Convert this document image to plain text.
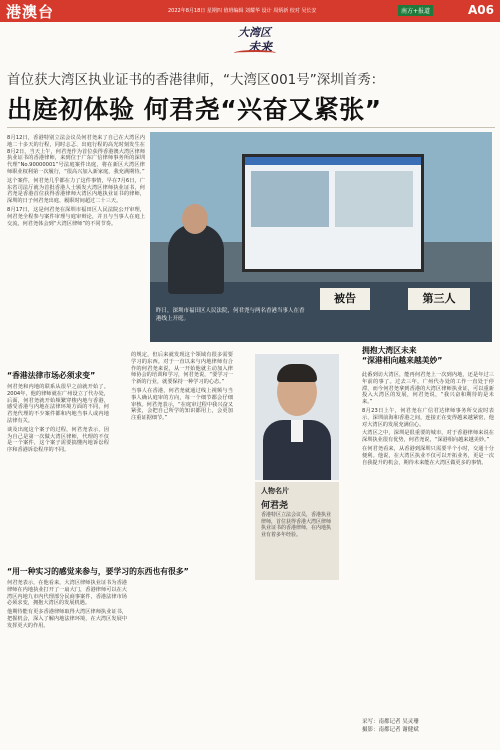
港澳台	2022年8月18日 星期四 值班编辑 刘耀华 设计 周炳新 校对 吴长安	南方+报道	A06
大湾区
未来
首位获大湾区执业证书的香港律师，“大湾区001号”深圳首秀：
出庭初体验 何君尧“兴奋又紧张”

8月12日，香港特别立法会议员何君尧来了自己在大湾区内地二十多天的行程，同时忐忑、出庭行程的高光时刻发生在8月2日，当天上午，何君尧作为首位获得香港澳大湾区律师执业证书的香港律师，来到位于广东广信律师事务所的深圳代理“No.90000001”号法庭案件出庭，将在新区大湾区律师职业权利第一次履行，“很高兴加入新家庭，我充满期待。”

这个案件，何君尧几乎都在力了这件事情，早在7月6日，广东省司法厅就为首批香港人士颁发大湾区律师执业证书，何君尧是香港首位获得香港律师大湾区内地执业证书的律师，深圳的日子何君尧出庭、履职时间超过二十三天。

8月17日，这是何君尧在深圳市福田区人民法院公开审理，何君尧全程参与案件审理与庭审辩论，并且与当事人在庭上交流，何君尧体会到“大湾区律师”的不同节奏。

被告	第三人
昨日，深圳市福田区人民法院，何君尧与两名香港当事人在香港线上开庭。
“香港法律市场必须求变”

何君尧和内地的联系从很早之前就开始了。2004年，他的律师就在广州设立了代办处，后面，何君尧就开始频繁穿梭内地与香港，感受香港与内地在法律环境方面的不同，何君尧代理的不少案件都和内地当事人或内地法律有关。

谈及出庭这个案子的过程，何君尧表示，因为自己是第一次做大湾区律师，代理的不仅是一个案件，这个案子需要搞懂内地诉讼程序和香港诉讼程序的不同。

的规定，但后来就发现这个领域有很多需要学习的东西。对于一直以来与内地律师有合作的何君尧来说，从一开始他就主动加入律师协会的培训和学习，何君尧说，“要学习一个新的行业，就要保持一种学习的心态。”

当事人在香港，何君尧就通过线上视频与当事人确认庭审的方向，每一个细节都会仔细审核。何君尧表示，“在庭审过程中我兴奋又紧张，会把自己所学的知识都用上，会更加注重证据细节。”

“用一种实习的感觉来参与，要学习的东西也有很多”

何君尧表示，在他看来，大湾区律师执业证书为香港律师在内地执业打开了一扇大门，香港律师可以在大湾区内地九市内代理部分民商事案件，香港法律市场必须求变，拥抱大湾区的发展机遇。

他期待能有更多香港律师取得大湾区律师执业证书，把握机会，深入了解内地法律环境，在大湾区发展中发挥更大的作用。

人物名片
何君尧
香港特区立法会议员，香港执业律师，首位获得香港大湾区律师执业证书的香港律师，在内地执业有着多年经验。
拥抱大湾区未来
“深港相向越来越美妙”

此番到访大湾区，能再何君尧上一次到内地，还是年过三年前的事了。过去三年，广州代办处的工作一直处于停滞，而今何君尧拿到香港的大湾区律师执业证，可以重新投入大湾区的发展，何君尧说，“我兴奋和期待的是未来。”

8月23日上午，何君尧在广信君达律师事务所交流时表示，深圳前海和香港之间，连接正在变得越来越紧密，他对大湾区的发展充满信心。

大湾区之中，深圳是很重要的城市，对于香港律师来说在深圳执业很有优势，何君尧说，“深港相向越来越美妙。”

在何君尧看来，从香港到深圳只需要半个小时，交通十分便利。他说，在大湾区执业不仅可以开拓业务，更是一次自我提升的机会，期待未来能在大湾区做更多的事情。

采写：南都记者 吴灵珊
摄影：南都记者 谢健斌
